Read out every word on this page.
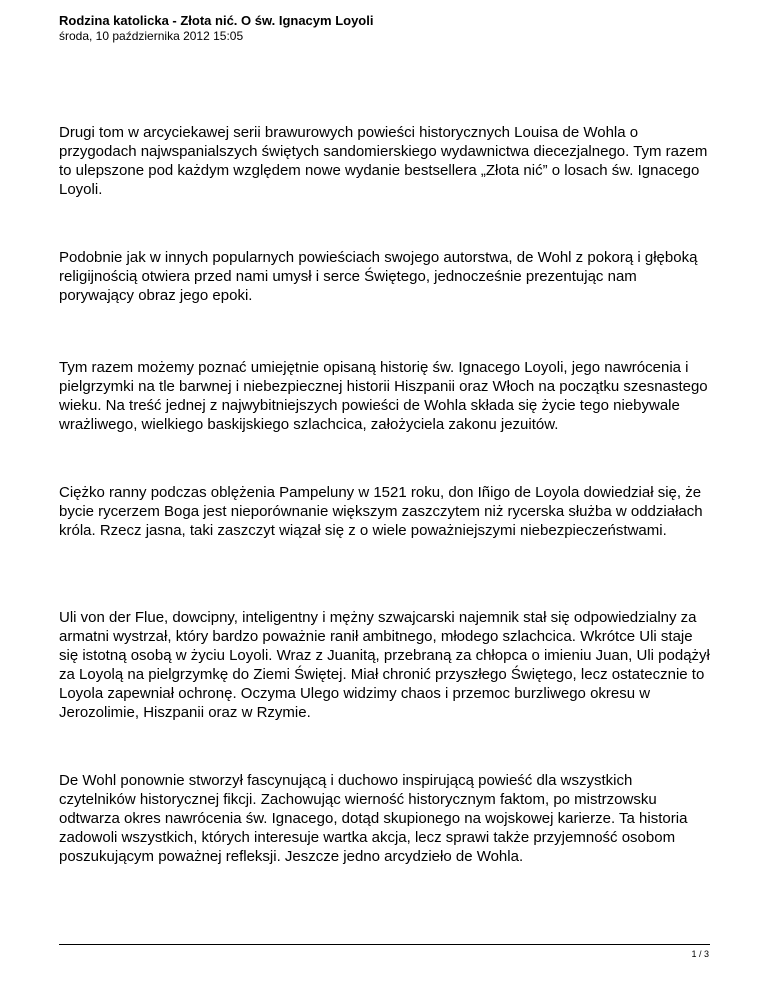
Rodzina katolicka - Złota nić. O św. Ignacym Loyoli

środa, 10 października 2012 15:05

Drugi tom w arcyciekawej serii brawurowych powieści historycznych Louisa de Wohla o przygodach najwspanialszych świętych sandomierskiego wydawnictwa diecezjalnego. Tym razem to ulepszone pod każdym względem nowe wydanie bestsellera „Złota nić” o losach św. Ignacego Loyoli.

Podobnie jak w innych popularnych powieściach swojego autorstwa, de Wohl z pokorą i głęboką religijnością otwiera przed nami umysł i serce Świętego, jednocześnie prezentując nam porywający obraz jego epoki.

Tym razem możemy poznać umiejętnie opisaną historię św. Ignacego Loyoli, jego nawrócenia i pielgrzymki na tle barwnej i niebezpiecznej historii Hiszpanii oraz Włoch na początku szesnastego wieku. Na treść jednej z najwybitniejszych powieści de Wohla składa się życie tego niebywale wrażliwego, wielkiego baskijskiego szlachcica, założyciela zakonu jezuitów.

Ciężko ranny podczas oblężenia Pampeluny w 1521 roku, don Iñigo de Loyola dowiedział się, że bycie rycerzem Boga jest nieporównanie większym zaszczytem niż rycerska służba w oddziałach króla. Rzecz jasna, taki zaszczyt wiązał się z o wiele poważniejszymi niebezpieczeństwami.

Uli von der Flue, dowcipny, inteligentny i mężny szwajcarski najemnik stał się odpowiedzialny za armatni wystrzał, który bardzo poważnie ranił ambitnego, młodego szlachcica. Wkrótce Uli staje się istotną osobą w życiu Loyoli. Wraz z Juanitą, przebraną za chłopca o imieniu Juan, Uli podążył za Loyolą na pielgrzymkę do Ziemi Świętej. Miał chronić przyszłego Świętego, lecz ostatecznie to Loyola zapewniał ochronę. Oczyma Ulego widzimy chaos i przemoc burzliwego okresu w Jerozolimie, Hiszpanii oraz w Rzymie.

De Wohl ponownie stworzył fascynującą i duchowo inspirującą powieść dla wszystkich czytelników historycznej fikcji. Zachowując wierność historycznym faktom, po mistrzowsku odtwarza okres nawrócenia św. Ignacego, dotąd skupionego na wojskowej karierze. Ta historia zadowoli wszystkich, których interesuje wartka akcja, lecz sprawi także przyjemność osobom poszukującym poważnej refleksji. Jeszcze jedno arcydzieło de Wohla.

1 / 3
